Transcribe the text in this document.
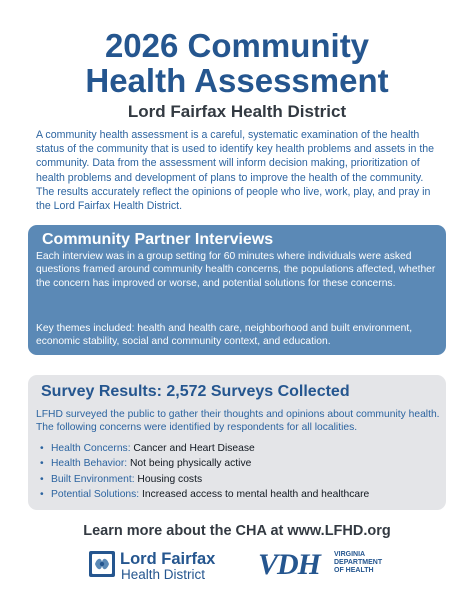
2026 Community
Health Assessment
Lord Fairfax Health District
A community health assessment is a careful, systematic examination of the health status of the community that is used to identify key health problems and assets in the community. Data from the assessment will inform decision making, prioritization of health problems and development of plans to improve the health of the community. The results accurately reflect the opinions of people who live, work, play, and pray in the Lord Fairfax Health District.
Community Partner Interviews
Each interview was in a group setting for 60 minutes where individuals were asked questions framed around community health concerns, the populations affected, whether the concern has improved or worse, and potential solutions for these concerns.
Key themes included: health and health care, neighborhood and built environment, economic stability, social and community context, and education.
Survey Results: 2,572 Surveys Collected
LFHD surveyed the public to gather their thoughts and opinions about community health. The following concerns were identified by respondents for all localities.
• Health Concerns: Cancer and Heart Disease
• Health Behavior: Not being physically active
• Built Environment: Housing costs
• Potential Solutions: Increased access to mental health and healthcare
Learn more about the CHA at www.LFHD.org
Lord Fairfax
Health District VDH VIRGINIA
DEPARTMENT
OF HEALTH
